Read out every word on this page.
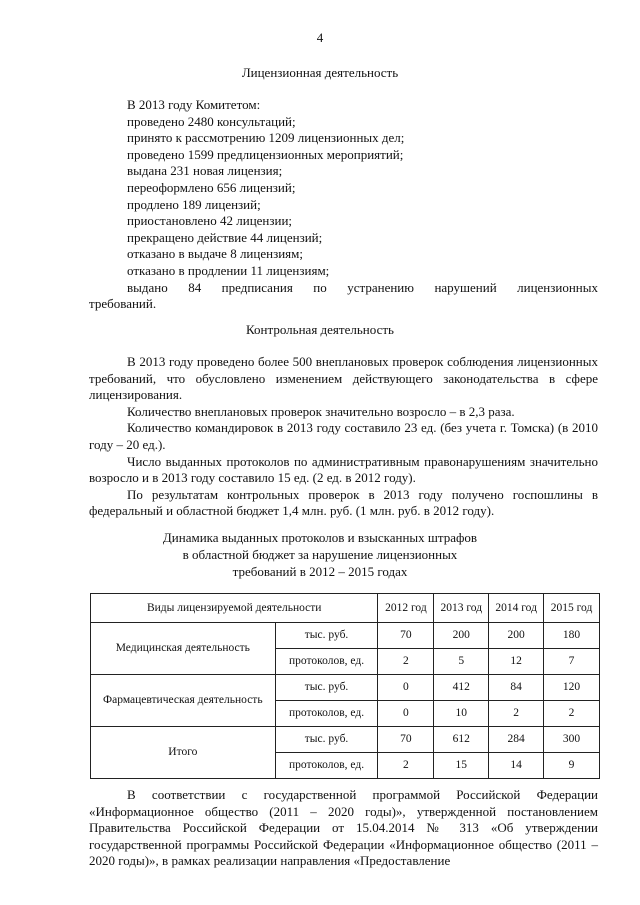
4
Лицензионная деятельность
В 2013 году Комитетом:
проведено 2480 консультаций;
принято к рассмотрению 1209 лицензионных дел;
проведено 1599 предлицензионных мероприятий;
выдана 231 новая лицензия;
переоформлено 656 лицензий;
продлено 189 лицензий;
приостановлено 42 лицензии;
прекращено действие 44 лицензий;
отказано в выдаче 8 лицензиям;
отказано в продлении 11 лицензиям;
выдано 84 предписания по устранению нарушений лицензионных
требований.
Контрольная деятельность

В 2013 году проведено более 500 внеплановых проверок соблюдения лицензионных требований, что обусловлено изменением действующего законодательства в сфере лицензирования.

Количество внеплановых проверок значительно возросло – в 2,3 раза.

Количество командировок в 2013 году составило 23 ед. (без учета г. Томска) (в 2010 году – 20 ед.).

Число выданных протоколов по административным правонарушениям значительно возросло и в 2013 году составило 15 ед. (2 ед. в 2012 году).

По результатам контрольных проверок в 2013 году получено госпошлины в федеральный и областной бюджет 1,4 млн. руб. (1 млн. руб. в 2012 году).

Динамика выданных протоколов и взысканных штрафов
в областной бюджет за нарушение лицензионных
требований в 2012 – 2015 годах
Виды лицензируемой деятельности		2012 год	2013 год	2014 год	2015 год
Медицинская деятельность	тыс. руб.	70	200	200	180
	протоколов, ед.	2	5	12	7
Фармацевтическая деятельность	тыс. руб.	0	412	84	120
	протоколов, ед.	0	10	2	2
Итого	тыс. руб.	70	612	284	300
	протоколов, ед.	2	15	14	9

В соответствии с государственной программой Российской Федерации «Информационное общество (2011 – 2020 годы)», утвержденной постановлением Правительства Российской Федерации от 15.04.2014 № 313 «Об утверждении государственной программы Российской Федерации «Информационное общество (2011 – 2020 годы)», в рамках реализации направления «Предоставление
